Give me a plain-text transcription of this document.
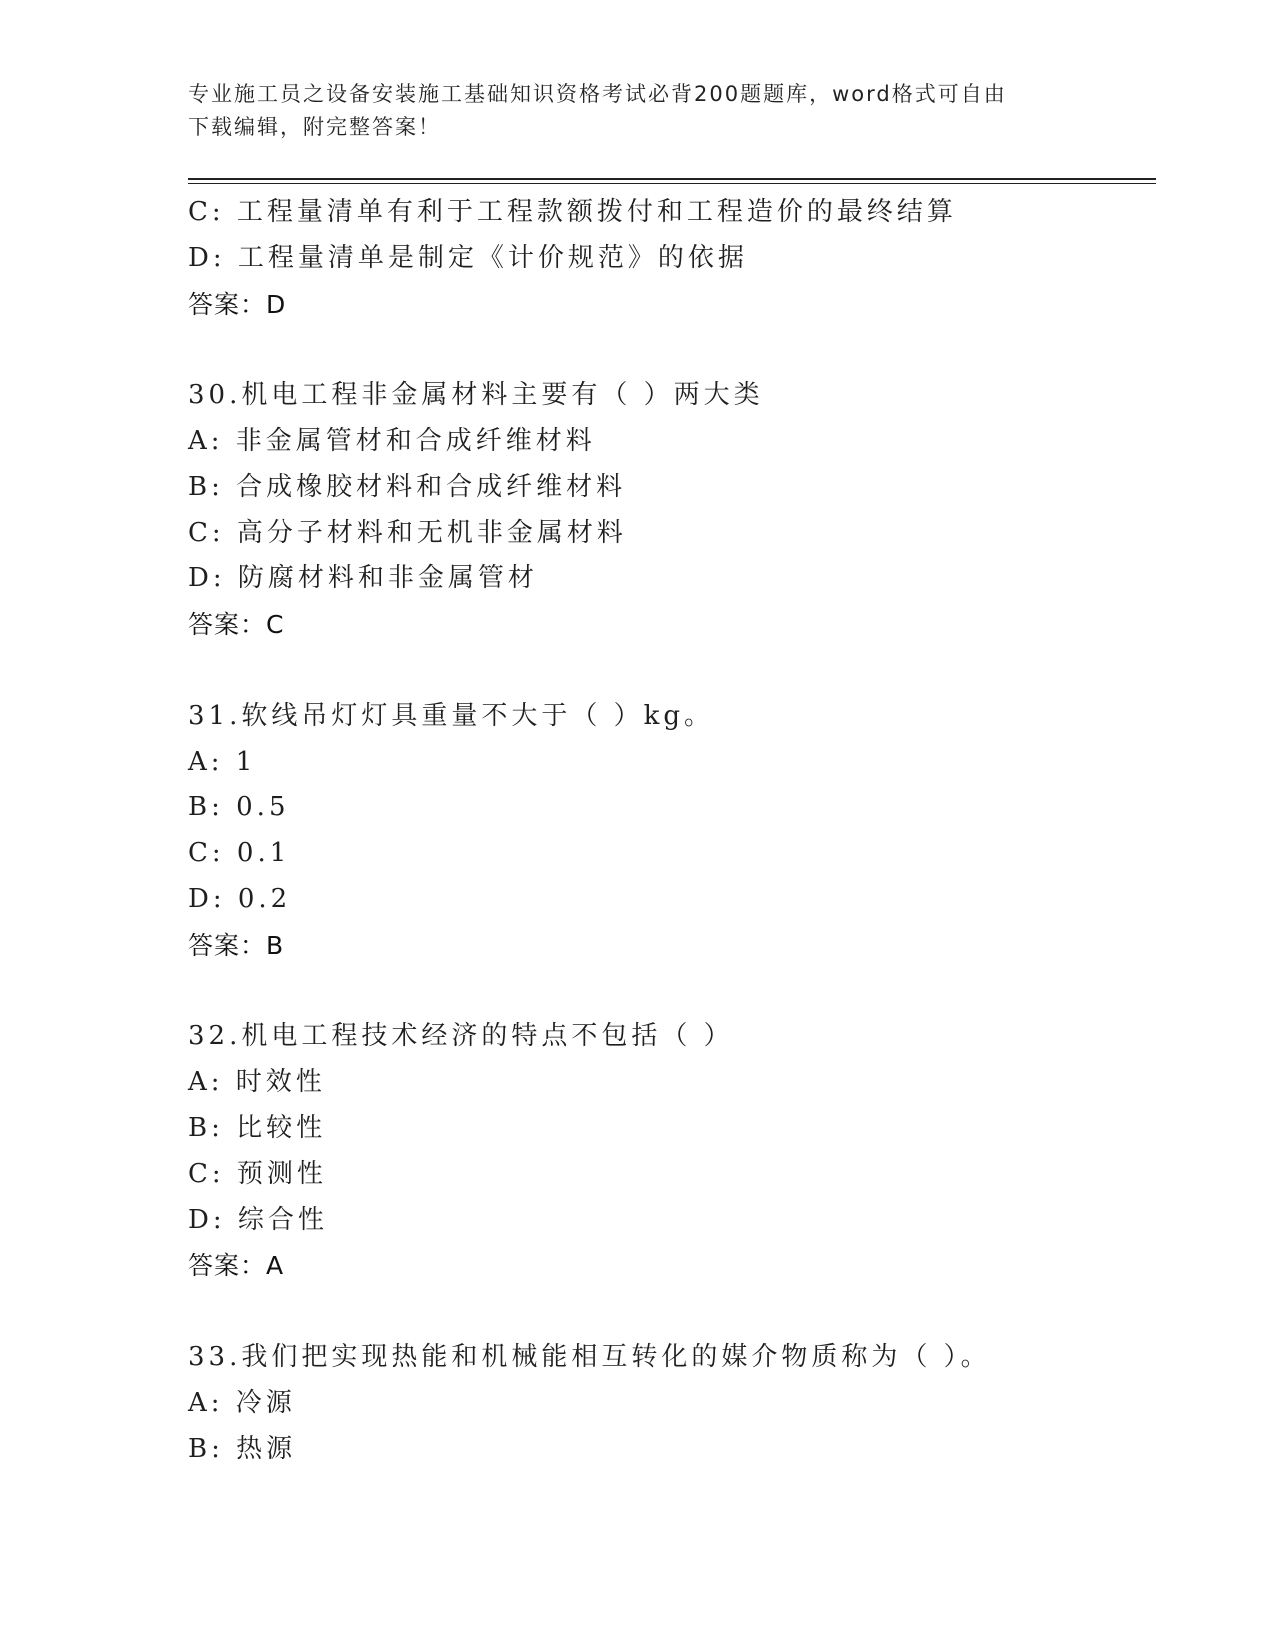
专业施工员之设备安装施工基础知识资格考试必背200题题库，word格式可自由
下载编辑，附完整答案！
C: 工程量清单有利于工程款额拨付和工程造价的最终结算
D: 工程量清单是制定《计价规范》的依据
答案：D
30.机电工程非金属材料主要有（ ）两大类
A: 非金属管材和合成纤维材料
B: 合成橡胶材料和合成纤维材料
C: 高分子材料和无机非金属材料
D: 防腐材料和非金属管材
答案：C
31.软线吊灯灯具重量不大于（ ）kg。
A: 1
B: 0.5
C: 0.1
D: 0.2
答案：B
32.机电工程技术经济的特点不包括（ ）
A: 时效性
B: 比较性
C: 预测性
D: 综合性
答案：A
33.我们把实现热能和机械能相互转化的媒介物质称为（ ）。
A: 冷源
B: 热源
